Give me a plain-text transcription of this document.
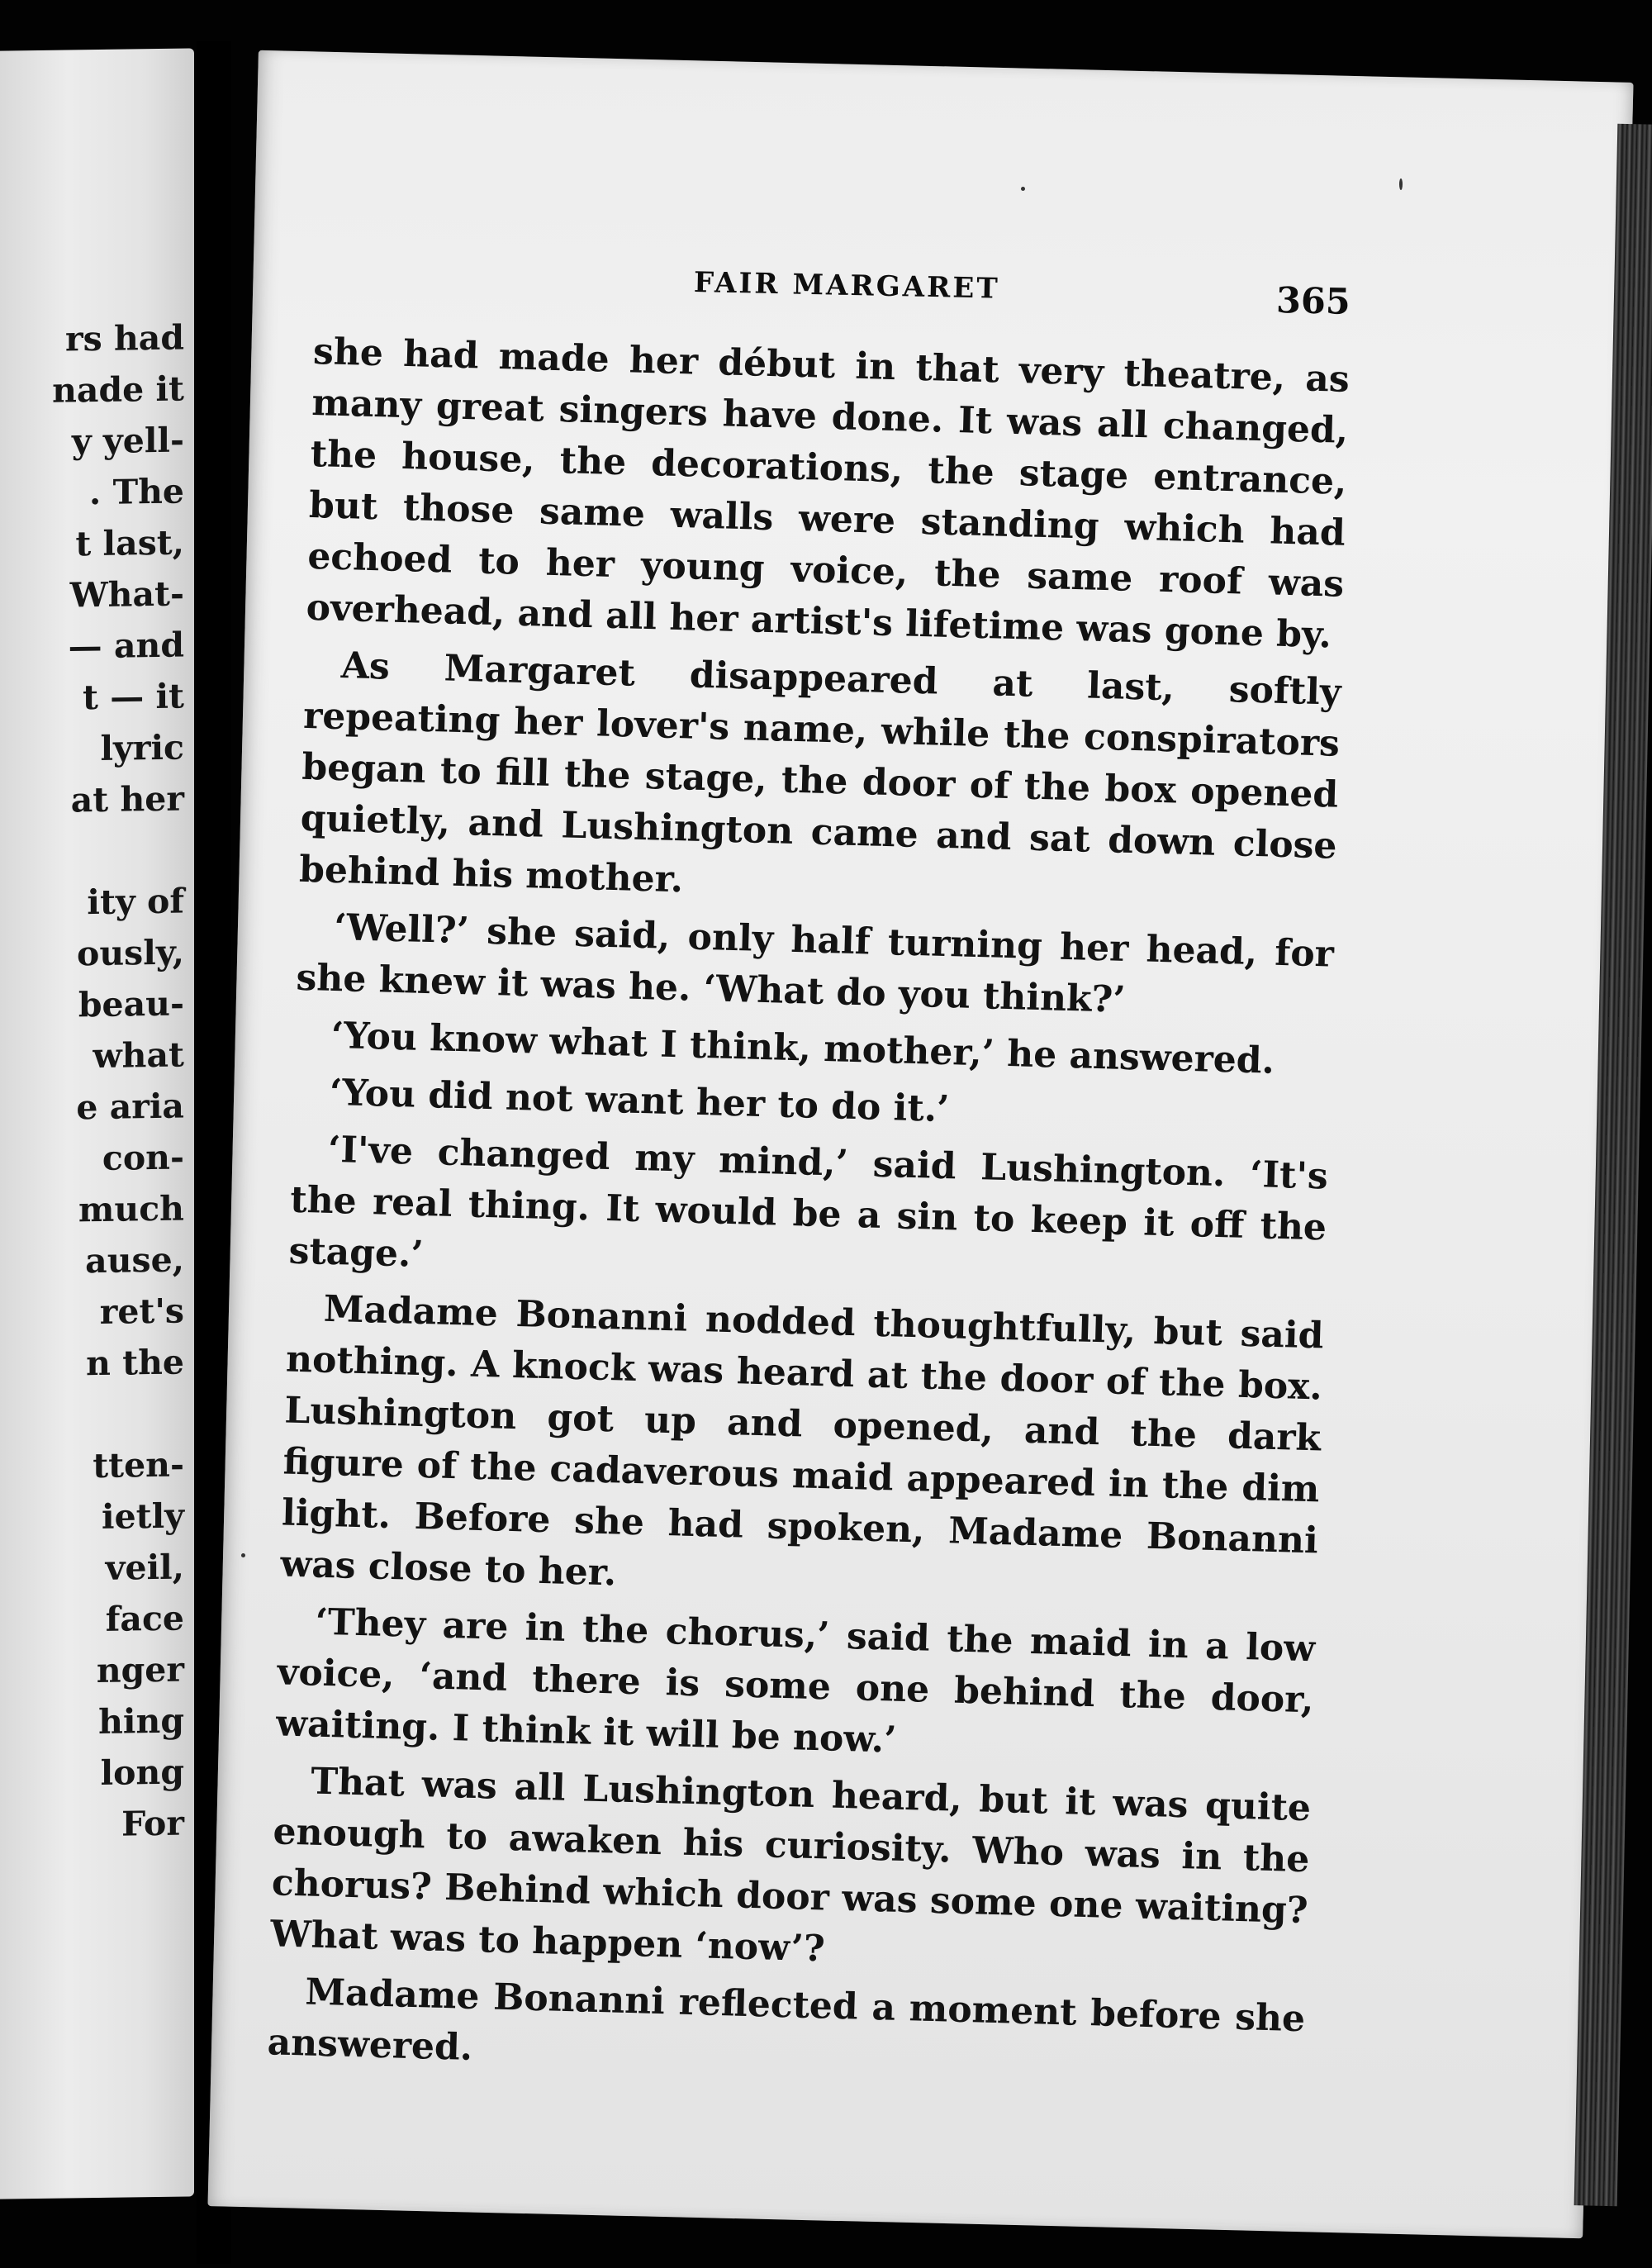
rs had
nade it
y yell-
. The
t last,
What-
— and
t — it
lyric
at her
ity of
ously,
beau-
what
e aria
con-
much
ause,
ret's
n the
tten-
ietly
veil,
face
nger
hing
long
For
FAIR MARGARET	365

she had made her début in that very theatre, as many great singers have done. It was all changed, the house, the decorations, the stage entrance, but those same walls were standing which had echoed to her young voice, the same roof was overhead, and all her artist's lifetime was gone by.

As Margaret disappeared at last, softly repeating her lover's name, while the conspirators began to fill the stage, the door of the box opened quietly, and Lushington came and sat down close behind his mother.

‘Well?’ she said, only half turning her head, for she knew it was he. ‘What do you think?’

‘You know what I think, mother,’ he answered.

‘You did not want her to do it.’

‘I've changed my mind,’ said Lushington. ‘It's the real thing. It would be a sin to keep it off the stage.’

Madame Bonanni nodded thoughtfully, but said nothing. A knock was heard at the door of the box. Lushington got up and opened, and the dark figure of the cadaverous maid appeared in the dim light. Before she had spoken, Madame Bonanni was close to her.

‘They are in the chorus,’ said the maid in a low voice, ‘and there is some one behind the door, waiting. I think it will be now.’

That was all Lushington heard, but it was quite enough to awaken his curiosity. Who was in the chorus? Behind which door was some one waiting? What was to happen ‘now’?

Madame Bonanni reflected a moment before she answered.
